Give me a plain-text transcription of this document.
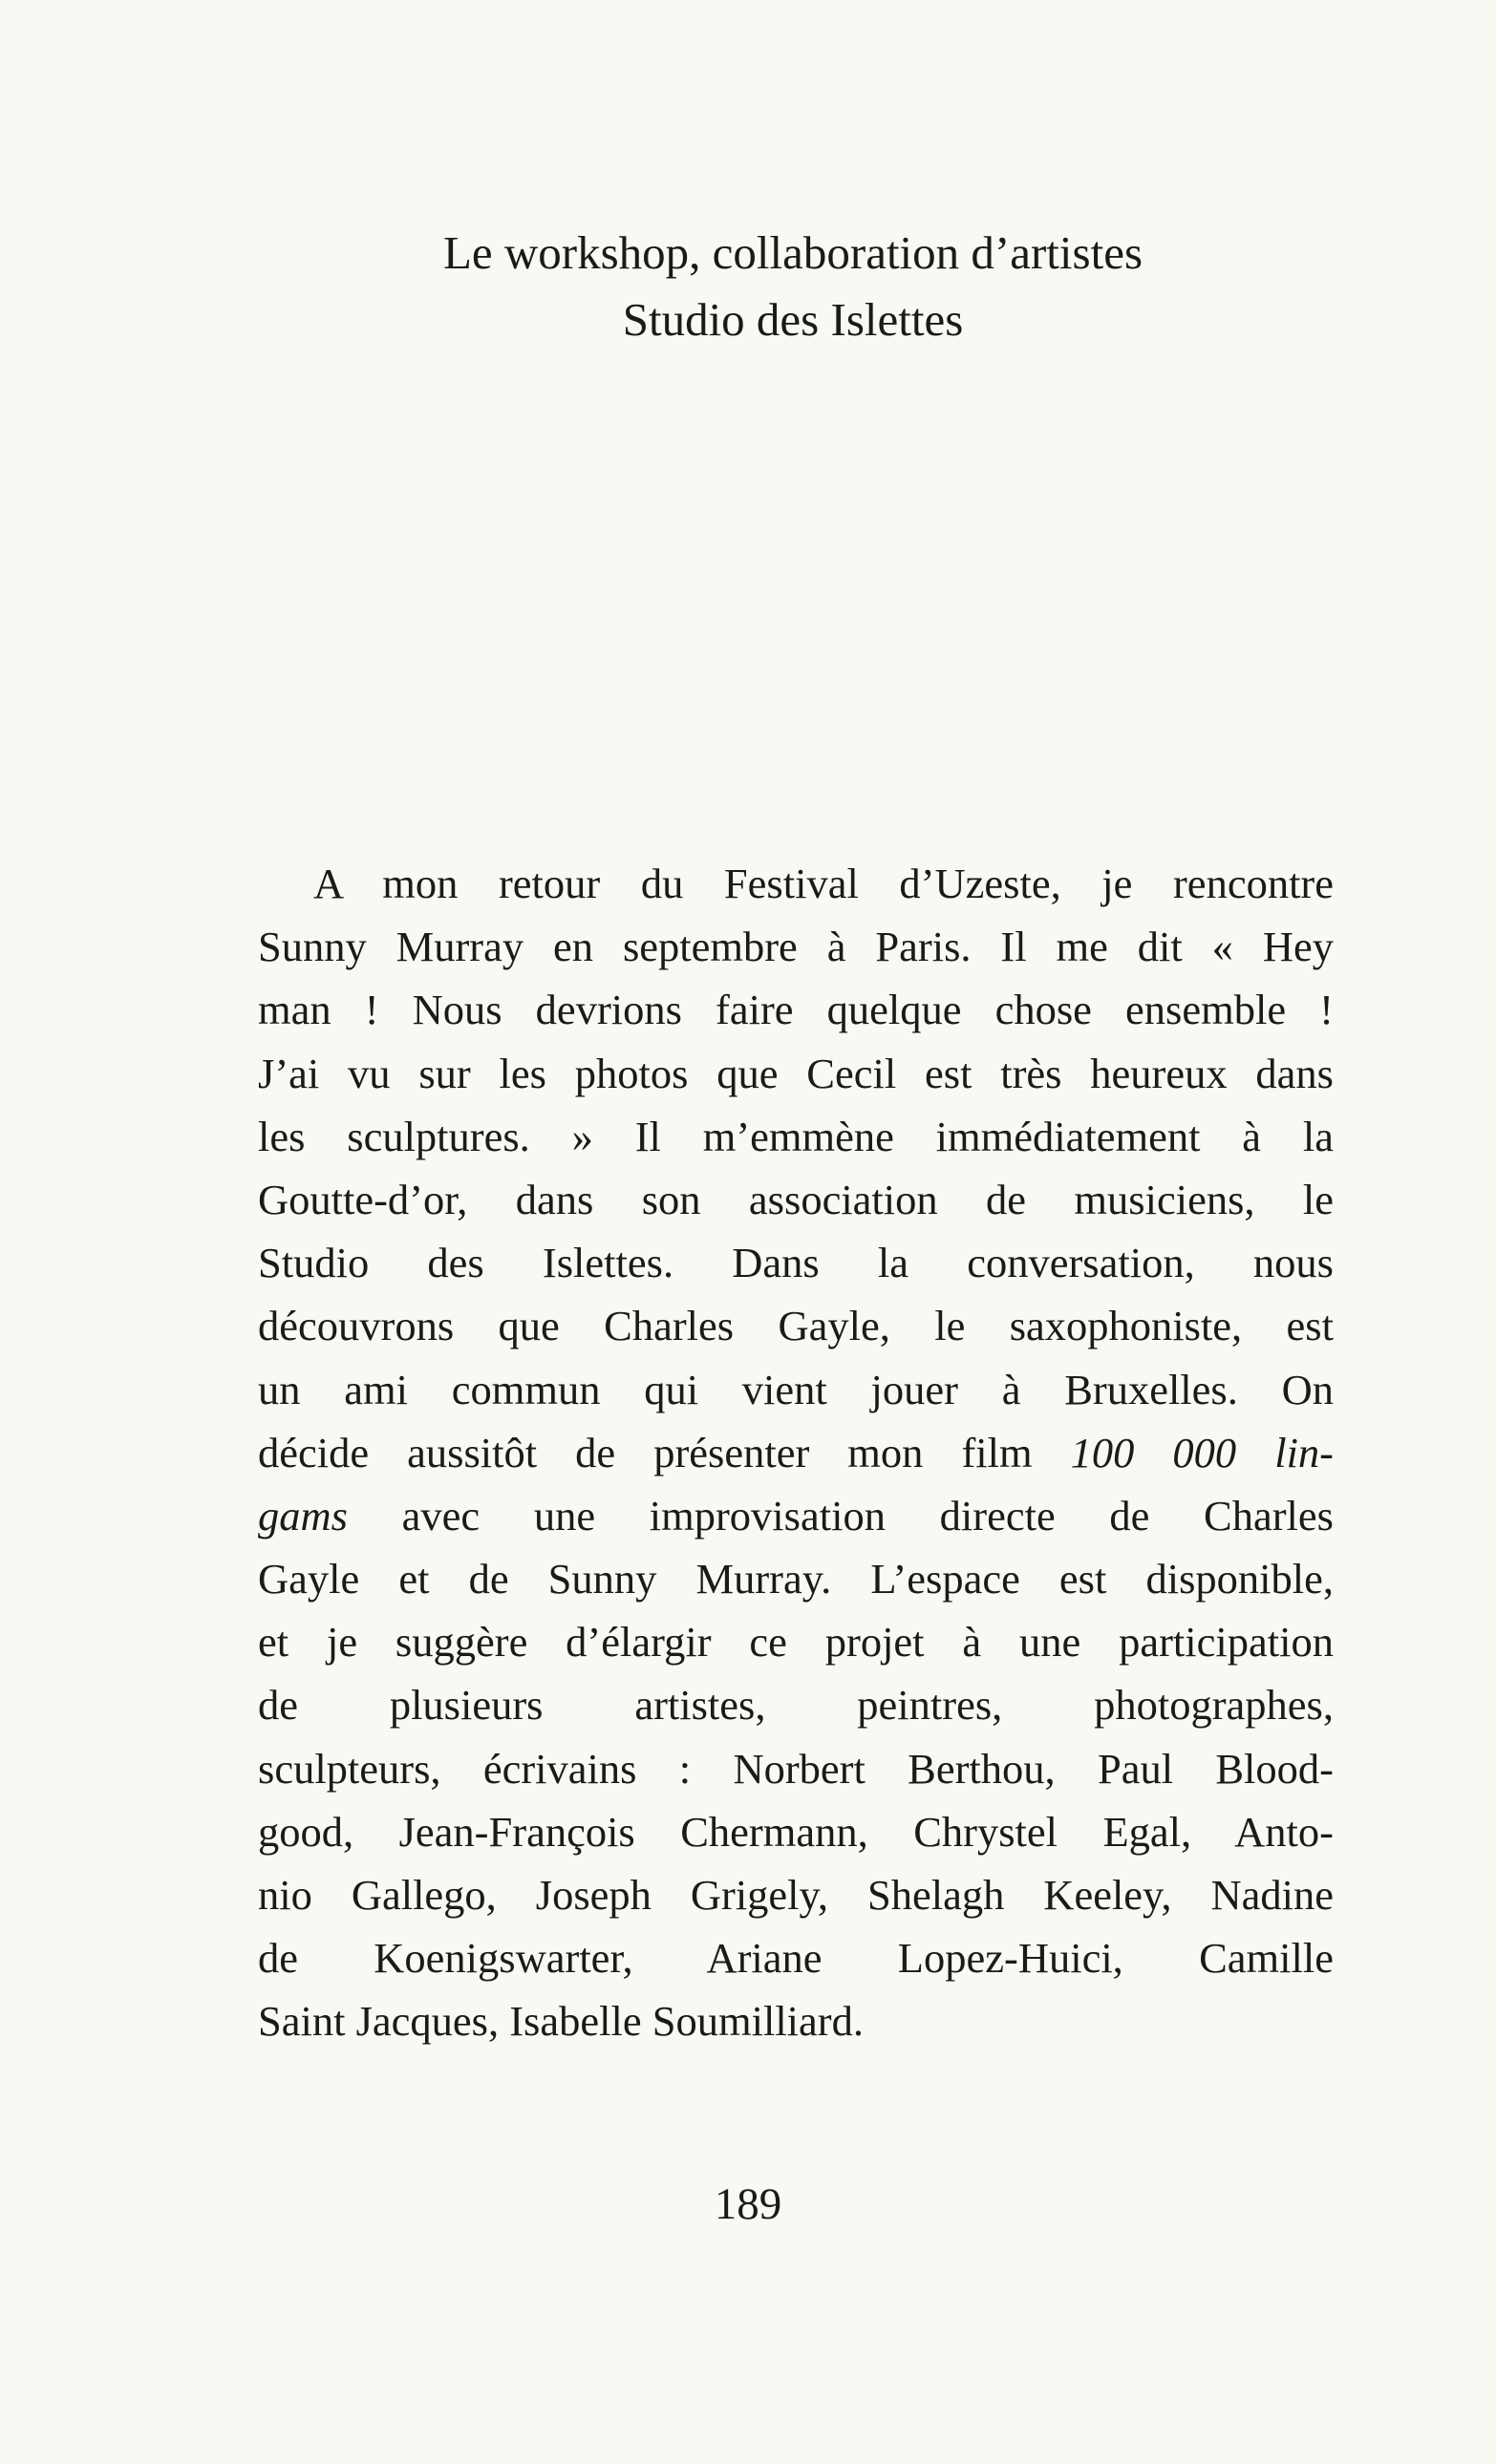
Le workshop, collaboration d’artistes
Studio des Islettes

A mon retour du Festival d’Uzeste, je rencontre
Sunny Murray en septembre à Paris. Il me dit « Hey
man ! Nous devrions faire quelque chose ensemble !
J’ai vu sur les photos que Cecil est très heureux dans
les sculptures. » Il m’emmène immédiatement à la
Goutte-d’or, dans son association de musiciens, le
Studio des Islettes. Dans la conversation, nous
découvrons que Charles Gayle, le saxophoniste, est
un ami commun qui vient jouer à Bruxelles. On
décide aussitôt de présenter mon film 100 000 lin-
gams avec une improvisation directe de Charles
Gayle et de Sunny Murray. L’espace est disponible,
et je suggère d’élargir ce projet à une participation
de plusieurs artistes, peintres, photographes,
sculpteurs, écrivains : Norbert Berthou, Paul Blood-
good, Jean-François Chermann, Chrystel Egal, Anto-
nio Gallego, Joseph Grigely, Shelagh Keeley, Nadine
de Koenigswarter, Ariane Lopez-Huici, Camille
Saint Jacques, Isabelle Soumilliard.

189
